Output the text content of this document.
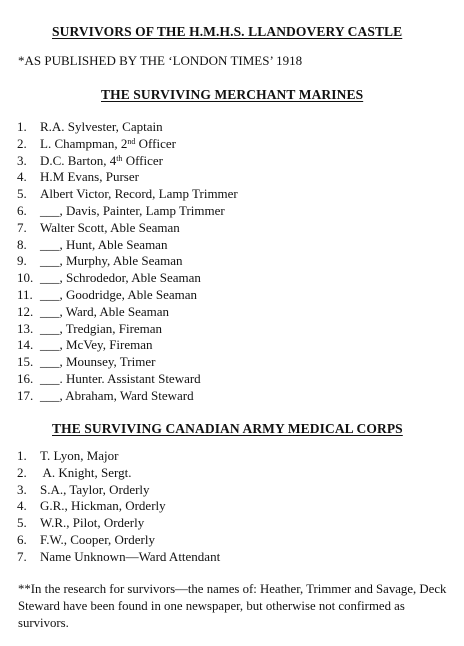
SURVIVORS OF THE H.M.H.S. LLANDOVERY CASTLE
*AS PUBLISHED BY THE ‘LONDON TIMES’ 1918
THE SURVIVING MERCHANT MARINES
1.	R.A. Sylvester, Captain
2.	L. Champman, 2nd Officer
3.	D.C. Barton, 4th Officer
4.	H.M Evans, Purser
5.	Albert Victor, Record, Lamp Trimmer
6.	___, Davis, Painter, Lamp Trimmer
7.	Walter Scott, Able Seaman
8.	___, Hunt, Able Seaman
9.	___, Murphy, Able Seaman
10. ___, Schrodedor, Able Seaman
11. ___, Goodridge, Able Seaman
12. ___, Ward, Able Seaman
13. ___, Tredgian, Fireman
14. ___, McVey, Fireman
15. ___, Mounsey, Trimer
16. ___. Hunter. Assistant Steward
17. ___, Abraham, Ward Steward
THE SURVIVING CANADIAN ARMY MEDICAL CORPS
1.	T. Lyon, Major
2.	A. Knight, Sergt.
3.	S.A., Taylor, Orderly
4.	G.R., Hickman, Orderly
5.	W.R., Pilot, Orderly
6.	F.W., Cooper, Orderly
7.	Name Unknown—Ward Attendant
**In the research for survivors—the names of: Heather, Trimmer and Savage, Deck Steward have been found in one newspaper, but otherwise not confirmed as survivors.
